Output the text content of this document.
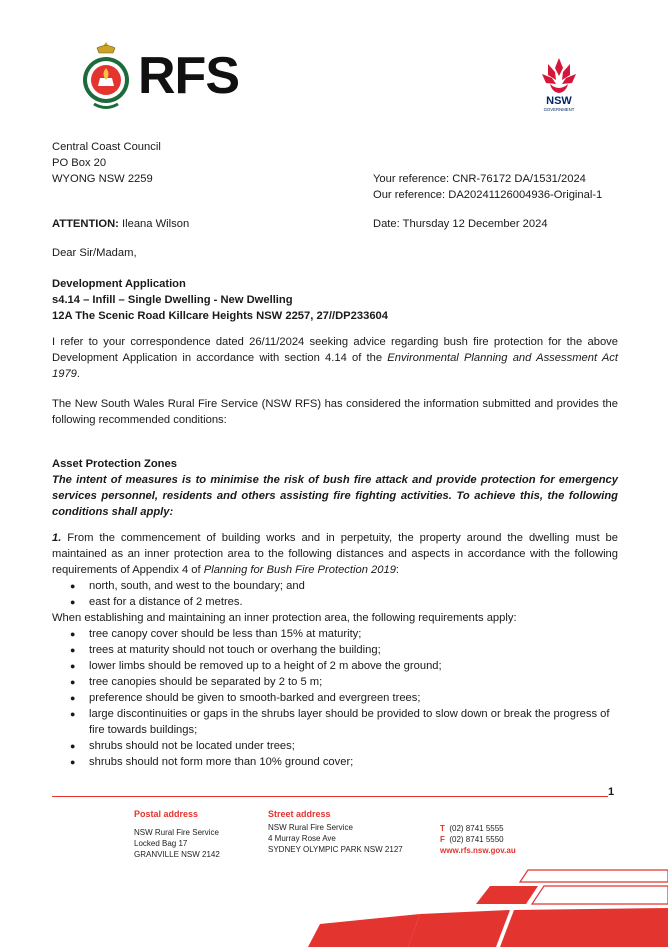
RFS	NSW
GOVERNMENT
Central Coast Council
PO Box 20
WYONG NSW 2259	Your reference: CNR-76172 DA/1531/2024
Our reference: DA20241126004936-Original-1
ATTENTION: Ileana Wilson	Date: Thursday 12 December 2024
Dear Sir/Madam,
Development Application
s4.14 – Infill – Single Dwelling - New Dwelling
12A The Scenic Road Killcare Heights NSW 2257, 27//DP233604
I refer to your correspondence dated 26/11/2024 seeking advice regarding bush fire protection for the above Development Application in accordance with section 4.14 of the Environmental Planning and Assessment Act 1979.
The New South Wales Rural Fire Service (NSW RFS) has considered the information submitted and provides the following recommended conditions:
Asset Protection Zones
The intent of measures is to minimise the risk of bush fire attack and provide protection for emergency services personnel, residents and others assisting fire fighting activities. To achieve this, the following conditions shall apply:
1. From the commencement of building works and in perpetuity, the property around the dwelling must be maintained as an inner protection area to the following distances and aspects in accordance with the following requirements of Appendix 4 of Planning for Bush Fire Protection 2019:
● north, south, and west to the boundary; and
● east for a distance of 2 metres.
When establishing and maintaining an inner protection area, the following requirements apply:
● tree canopy cover should be less than 15% at maturity;
● trees at maturity should not touch or overhang the building;
● lower limbs should be removed up to a height of 2 m above the ground;
● tree canopies should be separated by 2 to 5 m;
● preference should be given to smooth-barked and evergreen trees;
● large discontinuities or gaps in the shrubs layer should be provided to slow down or break the progress of fire towards buildings;
● shrubs should not be located under trees;
● shrubs should not form more than 10% ground cover;
1
Postal address
NSW Rural Fire Service
Locked Bag 17
GRANVILLE NSW 2142
Street address
NSW Rural Fire Service
4 Murray Rose Ave
SYDNEY OLYMPIC PARK NSW 2127
T (02) 8741 5555
F (02) 8741 5550
www.rfs.nsw.gov.au
